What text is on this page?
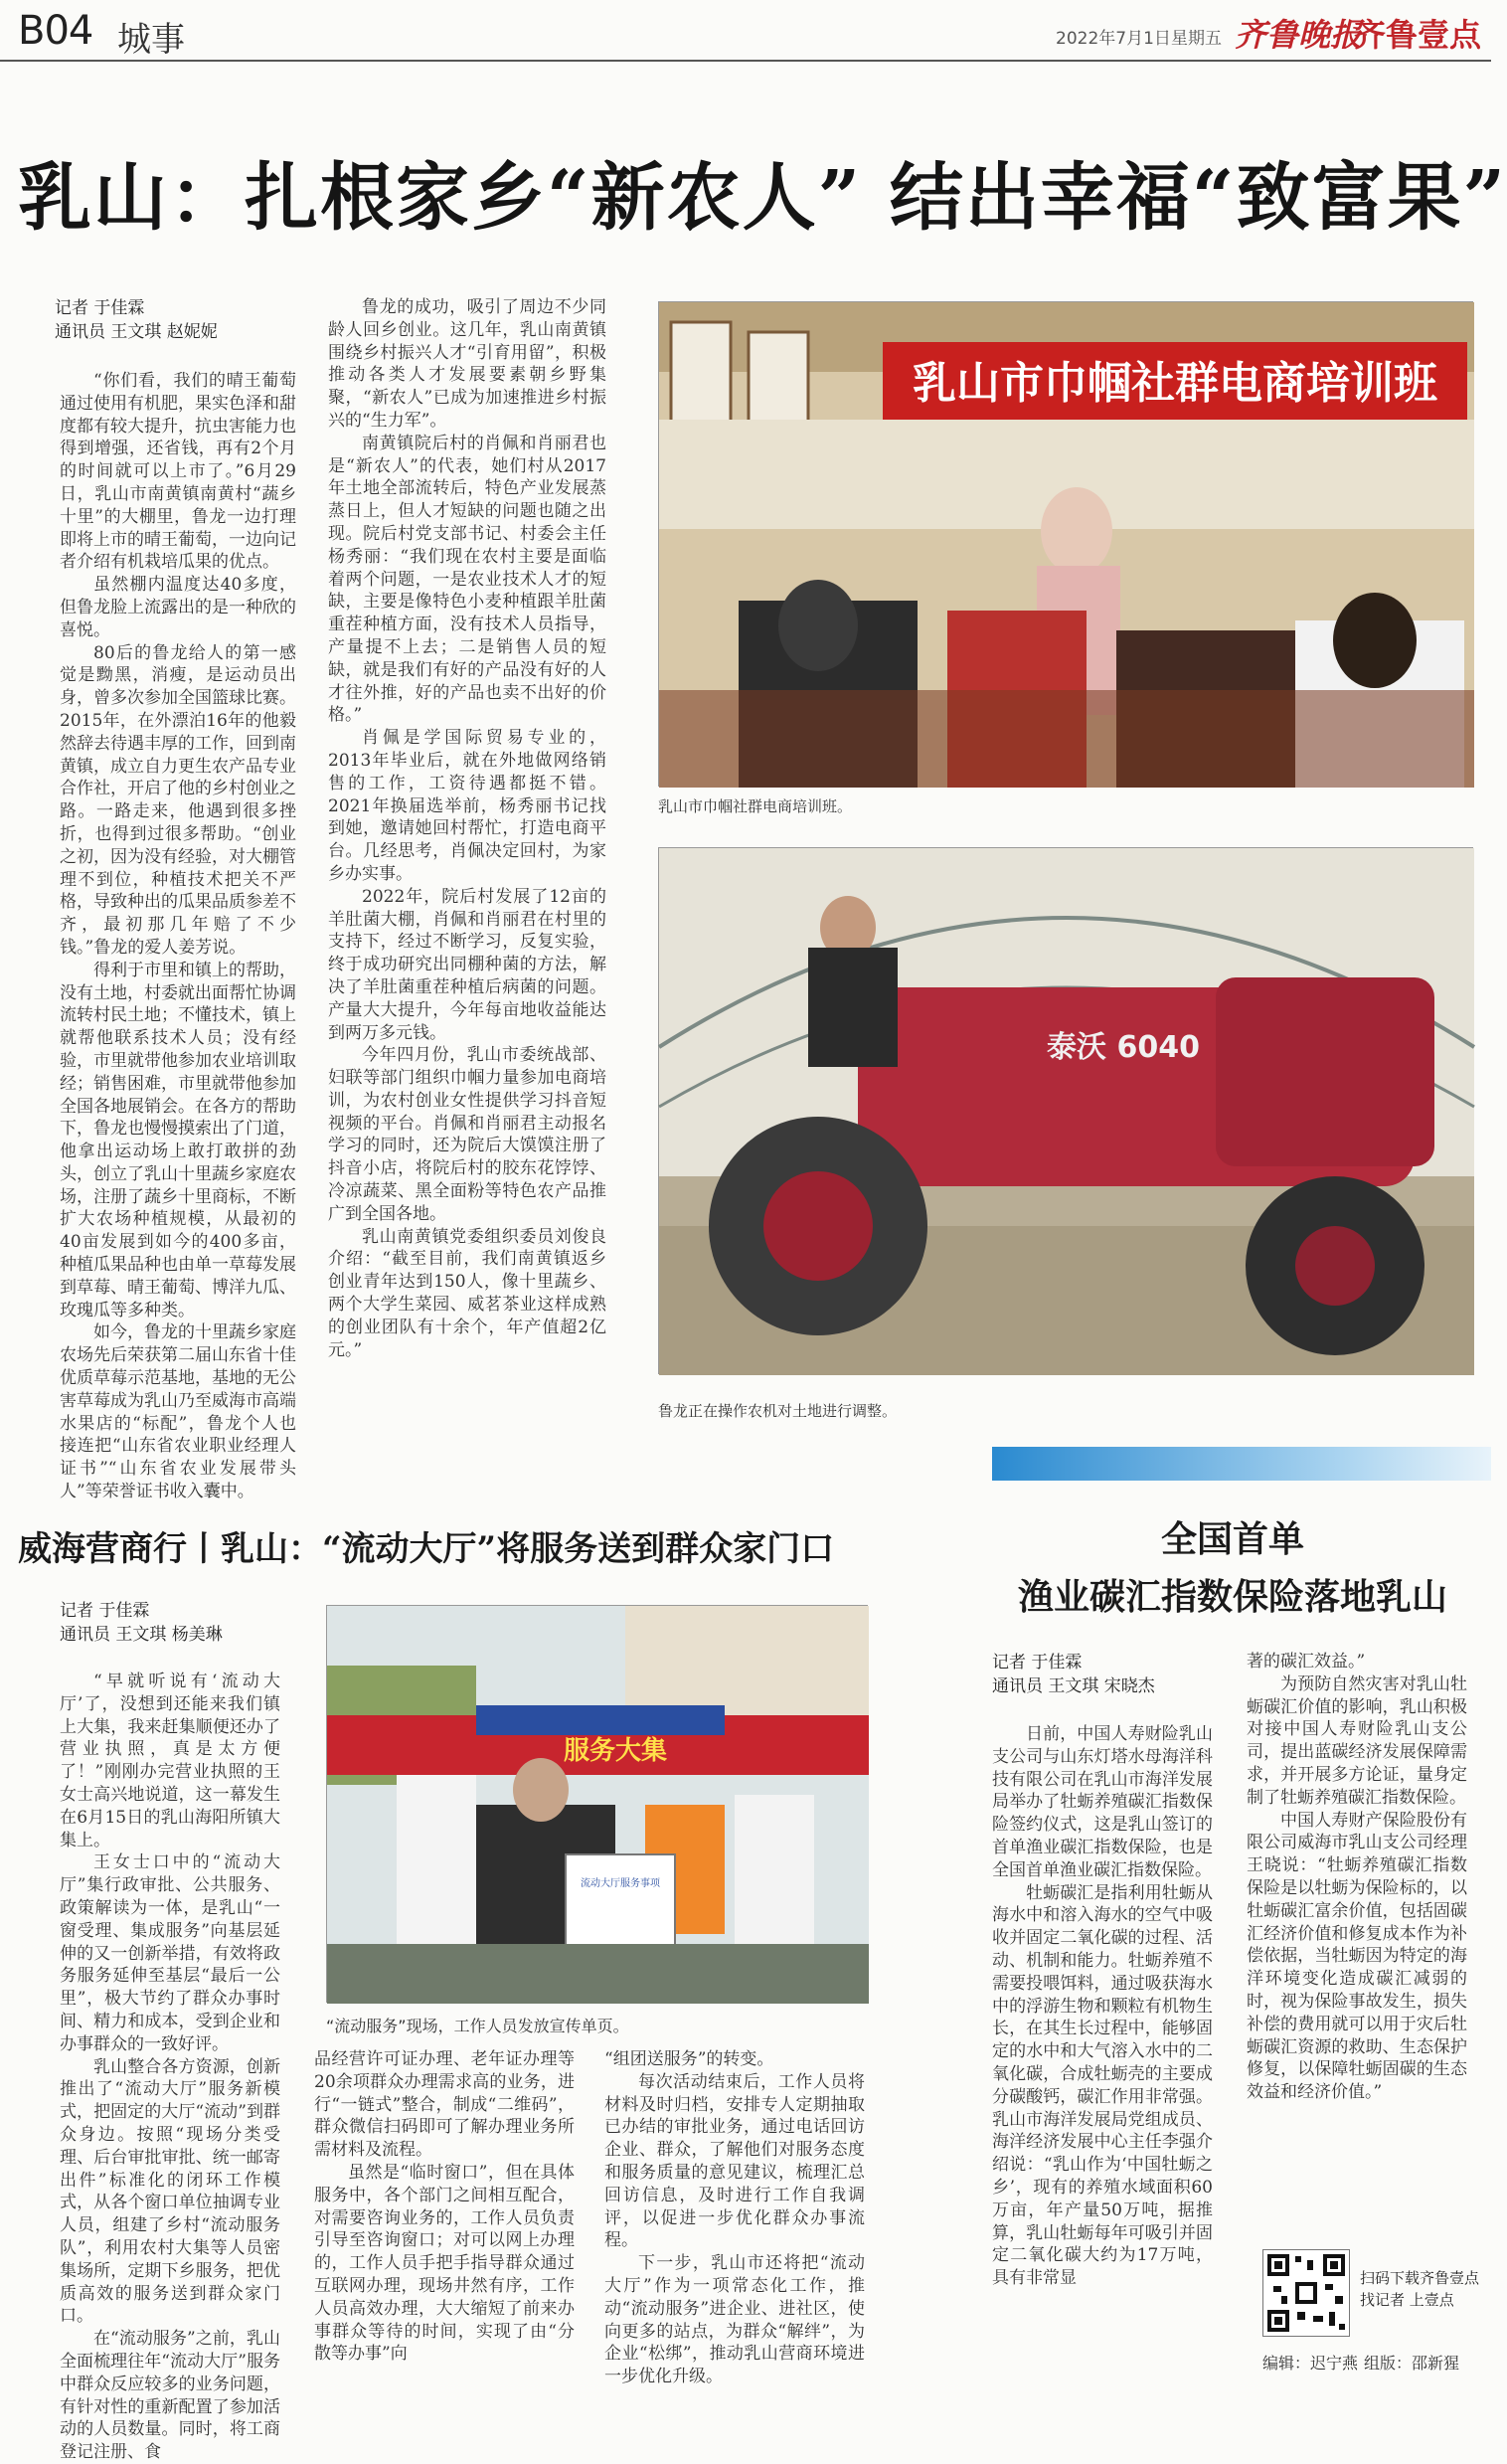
B04 城事	2022年7月1日 星期五 齐鲁晚报
齐鲁壹点
乳山：扎根家乡“新农人” 结出幸福“致富果”
记者 于佳霖
通讯员 王文琪 赵妮妮

“你们看，我们的晴王葡萄通过使用有机肥，果实色泽和甜度都有较大提升，抗虫害能力也得到增强，还省钱，再有2个月的时间就可以上市了。”6月29日，乳山市南黄镇南黄村“蔬乡十里”的大棚里，鲁龙一边打理即将上市的晴王葡萄，一边向记者介绍有机栽培瓜果的优点。

虽然棚内温度达40多度，但鲁龙脸上流露出的是一种欣的喜悦。

80后的鲁龙给人的第一感觉是黝黑，消瘦，是运动员出身，曾多次参加全国篮球比赛。2015年，在外漂泊16年的他毅然辞去待遇丰厚的工作，回到南黄镇，成立自力更生农产品专业合作社，开启了他的乡村创业之路。一路走来，他遇到很多挫折，也得到过很多帮助。“创业之初，因为没有经验，对大棚管理不到位，种植技术把关不严格，导致种出的瓜果品质参差不齐，最初那几年赔了不少钱。”鲁龙的爱人姜芳说。

得利于市里和镇上的帮助，没有土地，村委就出面帮忙协调流转村民土地；不懂技术，镇上就帮他联系技术人员；没有经验，市里就带他参加农业培训取经；销售困难，市里就带他参加全国各地展销会。在各方的帮助下，鲁龙也慢慢摸索出了门道，他拿出运动场上敢打敢拼的劲头，创立了乳山十里蔬乡家庭农场，注册了蔬乡十里商标，不断扩大农场种植规模，从最初的40亩发展到如今的400多亩，种植瓜果品种也由单一草莓发展到草莓、晴王葡萄、博洋九瓜、玫瑰瓜等多种类。

如今，鲁龙的十里蔬乡家庭农场先后荣获第二届山东省十佳优质草莓示范基地，基地的无公害草莓成为乳山乃至威海市高端水果店的“标配”，鲁龙个人也接连把“山东省农业职业经理人证书”“山东省农业发展带头人”等荣誉证书收入囊中。

鲁龙的成功，吸引了周边不少同龄人回乡创业。这几年，乳山南黄镇围绕乡村振兴人才“引育用留”，积极推动各类人才发展要素朝乡野集聚，“新农人”已成为加速推进乡村振兴的“生力军”。

南黄镇院后村的肖佩和肖丽君也是“新农人”的代表，她们村从2017年土地全部流转后，特色产业发展蒸蒸日上，但人才短缺的问题也随之出现。院后村党支部书记、村委会主任杨秀丽：“我们现在农村主要是面临着两个问题，一是农业技术人才的短缺，主要是像特色小麦种植跟羊肚菌重茬种植方面，没有技术人员指导，产量提不上去；二是销售人员的短缺，就是我们有好的产品没有好的人才往外推，好的产品也卖不出好的价格。”

肖佩是学国际贸易专业的，2013年毕业后，就在外地做网络销售的工作，工资待遇都挺不错。2021年换届选举前，杨秀丽书记找到她，邀请她回村帮忙，打造电商平台。几经思考，肖佩决定回村，为家乡办实事。

2022年，院后村发展了12亩的羊肚菌大棚，肖佩和肖丽君在村里的支持下，经过不断学习，反复实验，终于成功研究出同棚种菌的方法，解决了羊肚菌重茬种植后病菌的问题。产量大大提升，今年每亩地收益能达到两万多元钱。

今年四月份，乳山市委统战部、妇联等部门组织巾帼力量参加电商培训，为农村创业女性提供学习抖音短视频的平台。肖佩和肖丽君主动报名学习的同时，还为院后大馍馍注册了抖音小店，将院后村的胶东花饽饽、冷凉蔬菜、黑全面粉等特色农产品推广到全国各地。

乳山南黄镇党委组织委员刘俊良介绍：“截至目前，我们南黄镇返乡创业青年达到150人，像十里蔬乡、两个大学生菜园、威茗茶业这样成熟的创业团队有十余个，年产值超2亿元。”

乳山市巾帼社群电商培训班
乳山市巾帼社群电商培训班。
泰沃 6040
鲁龙正在操作农机对土地进行调整。
威海营商行丨乳山：“流动大厅”将服务送到群众家门口
记者 于佳霖
通讯员 王文琪 杨美琳

“早就听说有‘流动大厅’了，没想到还能来我们镇上大集，我来赶集顺便还办了营业执照，真是太方便了！”刚刚办完营业执照的王女士高兴地说道，这一幕发生在6月15日的乳山海阳所镇大集上。

王女士口中的“流动大厅”集行政审批、公共服务、政策解读为一体，是乳山“一窗受理、集成服务”向基层延伸的又一创新举措，有效将政务服务延伸至基层“最后一公里”，极大节约了群众办事时间、精力和成本，受到企业和办事群众的一致好评。

乳山整合各方资源，创新推出了“流动大厅”服务新模式，把固定的大厅“流动”到群众身边。按照“现场分类受理、后台审批审批、统一邮寄出件”标准化的闭环工作模式，从各个窗口单位抽调专业人员，组建了乡村“流动服务队”，利用农村大集等人员密集场所，定期下乡服务，把优质高效的服务送到群众家门口。

在“流动服务”之前，乳山全面梳理往年“流动大厅”服务中群众反应较多的业务问题，有针对性的重新配置了参加活动的人员数量。同时，将工商登记注册、食

服务大集
流动大厅服务事项
“流动服务”现场，工作人员发放宣传单页。

品经营许可证办理、老年证办理等20余项群众办理需求高的业务，进行“一链式”整合，制成“二维码”，群众微信扫码即可了解办理业务所需材料及流程。

虽然是“临时窗口”，但在具体服务中，各个部门之间相互配合，对需要咨询业务的，工作人员负责引导至咨询窗口；对可以网上办理的，工作人员手把手指导群众通过互联网办理，现场井然有序，工作人员高效办理，大大缩短了前来办事群众等待的时间，实现了由“分散等办事”向

“组团送服务”的转变。

每次活动结束后，工作人员将材料及时归档，安排专人定期抽取已办结的审批业务，通过电话回访企业、群众，了解他们对服务态度和服务质量的意见建议，梳理汇总回访信息，及时进行工作自我调评，以促进一步优化群众办事流程。

下一步，乳山市还将把“流动大厅”作为一项常态化工作，推动“流动服务”进企业、进社区，使向更多的站点，为群众“解绊”，为企业“松绑”，推动乳山营商环境进一步优化升级。

全国首单
渔业碳汇指数保险落地乳山
记者 于佳霖
通讯员 王文琪 宋晓杰

日前，中国人寿财险乳山支公司与山东灯塔水母海洋科技有限公司在乳山市海洋发展局举办了牡蛎养殖碳汇指数保险签约仪式，这是乳山签订的首单渔业碳汇指数保险，也是全国首单渔业碳汇指数保险。

牡蛎碳汇是指利用牡蛎从海水中和溶入海水的空气中吸收并固定二氧化碳的过程、活动、机制和能力。牡蛎养殖不需要投喂饵料，通过吸获海水中的浮游生物和颗粒有机物生长，在其生长过程中，能够固定的水中和大气溶入水中的二氧化碳，合成牡蛎壳的主要成分碳酸钙，碳汇作用非常强。乳山市海洋发展局党组成员、海洋经济发展中心主任李强介绍说：“乳山作为‘中国牡蛎之乡’，现有的养殖水域面积60万亩，年产量50万吨，据推算，乳山牡蛎每年可吸引并固定二氧化碳大约为17万吨，具有非常显

著的碳汇效益。”

为预防自然灾害对乳山牡蛎碳汇价值的影响，乳山积极对接中国人寿财险乳山支公司，提出蓝碳经济发展保障需求，并开展多方论证，量身定制了牡蛎养殖碳汇指数保险。

中国人寿财产保险股份有限公司威海市乳山支公司经理王晓说：“牡蛎养殖碳汇指数保险是以牡蛎为保险标的，以牡蛎碳汇富余价值，包括固碳汇经济价值和修复成本作为补偿依据，当牡蛎因为特定的海洋环境变化造成碳汇减弱的时，视为保险事故发生，损失补偿的费用就可以用于灾后牡蛎碳汇资源的救助、生态保护修复，以保障牡蛎固碳的生态效益和经济价值。”

扫码下载齐鲁壹点
找记者 上壹点
编辑：迟宁燕 组版：邵新猩
